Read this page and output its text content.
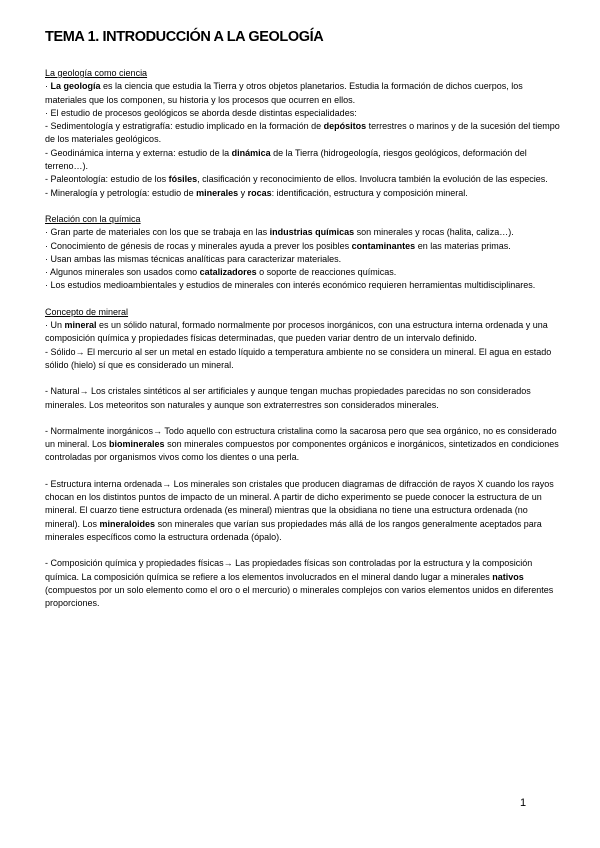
TEMA 1. INTRODUCCIÓN A LA GEOLOGÍA

La geología como ciencia

· La geología es la ciencia que estudia la Tierra y otros objetos planetarios. Estudia la formación de dichos cuerpos, los materiales que los componen, su historia y los procesos que ocurren en ellos.

· El estudio de procesos geológicos se aborda desde distintas especialidades:

- Sedimentología y estratigrafía: estudio implicado en la formación de depósitos terrestres o marinos y de la sucesión del tiempo de los materiales geológicos.

- Geodinámica interna y externa: estudio de la dinámica de la Tierra (hidrogeología, riesgos geológicos, deformación del terreno…).

- Paleontología: estudio de los fósiles, clasificación y reconocimiento de ellos. Involucra también la evolución de las especies.

- Mineralogía y petrología: estudio de minerales y rocas: identificación, estructura y composición mineral.

Relación con la química

· Gran parte de materiales con los que se trabaja en las industrias químicas son minerales y rocas (halita, caliza…).

· Conocimiento de génesis de rocas y minerales ayuda a prever los posibles contaminantes en las materias primas.

· Usan ambas las mismas técnicas analíticas para caracterizar materiales.

· Algunos minerales son usados como catalizadores o soporte de reacciones químicas.

· Los estudios medioambientales y estudios de minerales con interés económico requieren herramientas multidisciplinares.

Concepto de mineral

· Un mineral es un sólido natural, formado normalmente por procesos inorgánicos, con una estructura interna ordenada y una composición química y propiedades físicas determinadas, que pueden variar dentro de un intervalo definido.

- Sólido→ El mercurio al ser un metal en estado líquido a temperatura ambiente no se considera un mineral. El agua en estado sólido (hielo) sí que es considerado un mineral.

- Natural→ Los cristales sintéticos al ser artificiales y aunque tengan muchas propiedades parecidas no son considerados minerales. Los meteoritos son naturales y aunque son extraterrestres son considerados minerales.

- Normalmente inorgánicos→ Todo aquello con estructura cristalina como la sacarosa pero que sea orgánico, no es considerado un mineral. Los biominerales son minerales compuestos por componentes orgánicos e inorgánicos, sintetizados en condiciones controladas por organismos vivos como los dientes o una perla.

- Estructura interna ordenada→ Los minerales son cristales que producen diagramas de difracción de rayos X cuando los rayos chocan en los distintos puntos de impacto de un mineral. A partir de dicho experimento se puede conocer la estructura de un mineral. El cuarzo tiene estructura ordenada (es mineral) mientras que la obsidiana no tiene una estructura ordenada (no mineral). Los mineraloides son minerales que varían sus propiedades más allá de los rangos generalmente aceptados para minerales específicos como la estructura ordenada (ópalo).

- Composición química y propiedades físicas→ Las propiedades físicas son controladas por la estructura y la composición química. La composición química se refiere a los elementos involucrados en el mineral dando lugar a minerales nativos (compuestos por un solo elemento como el oro o el mercurio) o minerales complejos con varios elementos unidos en diferentes proporciones.

1
